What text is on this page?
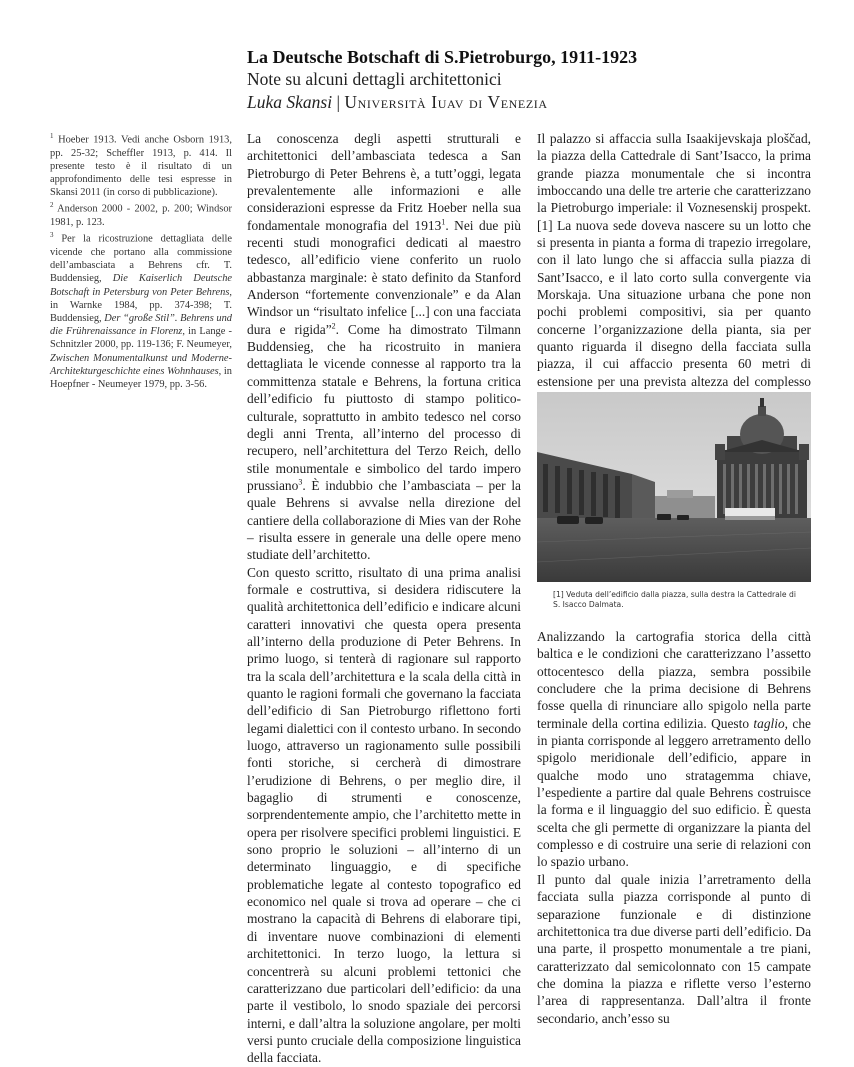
La Deutsche Botschaft di S.Pietroburgo, 1911-1923

Note su alcuni dettagli architettonici

Luka Skansi | Università Iuav di Venezia

$^1$ Hoeber 1913. Vedi anche Osborn 1913, pp. 25-32; Scheffler 1913, p. 414. Il presente testo è il risultato di un approfondimento delle tesi espresse in Skansi 2011 (in corso di pubblicazione).

$^2$ Anderson 2000 - 2002, p. 200; Windsor 1981, p. 123.

$^3$ Per la ricostruzione dettagliata delle vicende che portano alla commissione dell’ambasciata a Behrens cfr. T. Buddensieg, Die Kaiserlich Deutsche Botschaft in Petersburg von Peter Behrens, in Warnke 1984, pp. 374-398; T. Buddensieg, Der “große Stil”. Behrens und die Frührenaissance in Florenz, in Lange - Schnitzler 2000, pp. 119-136; F. Neumeyer, Zwischen Monumentalkunst und Moderne-Architekturgeschichte eines Wohnhauses, in Hoepfner - Neumeyer 1979, pp. 3-56.

La conoscenza degli aspetti strutturali e architettonici dell’ambasciata tedesca a San Pietroburgo di Peter Behrens è, a tutt’oggi, legata prevalentemente alle informazioni e alle considerazioni espresse da Fritz Hoeber nella sua fondamentale monografia del 1913$^1$. Nei due più recenti studi monografici dedicati al maestro tedesco, all’edificio viene conferito un ruolo abbastanza marginale: è stato definito da Stanford Anderson “fortemente convenzionale” e da Alan Windsor un “risultato infelice [...] con una facciata dura e rigida”$^2$. Come ha dimostrato Tilmann Buddensieg, che ha ricostruito in maniera dettagliata le vicende connesse al rapporto tra la committenza statale e Behrens, la fortuna critica dell’edificio fu piuttosto di stampo politico-culturale, soprattutto in ambito tedesco nel corso degli anni Trenta, all’interno del processo di recupero, nell’architettura del Terzo Reich, dello stile monumentale e simbolico del tardo impero prussiano$^3$. È indubbio che l’ambasciata – per la quale Behrens si avvalse nella direzione del cantiere della collaborazione di Mies van der Rohe – risulta essere in generale una delle opere meno studiate dell’architetto.

Con questo scritto, risultato di una prima analisi formale e costruttiva, si desidera ridiscutere la qualità architettonica dell’edificio e indicare alcuni caratteri innovativi che questa opera presenta all’interno della produzione di Peter Behrens. In primo luogo, si tenterà di ragionare sul rapporto tra la scala dell’architettura e la scala della città in quanto le ragioni formali che governano la facciata dell’edificio di San Pietroburgo riflettono forti legami dialettici con il contesto urbano. In secondo luogo, attraverso un ragionamento sulle possibili fonti storiche, si cercherà di dimostrare l’erudizione di Behrens, o per meglio dire, il bagaglio di strumenti e conoscenze, sorprendentemente ampio, che l’architetto mette in opera per risolvere specifici problemi linguistici. E sono proprio le soluzioni – all’interno di un determinato linguaggio, e di specifiche problematiche legate al contesto topografico ed economico nel quale si trova ad operare – che ci mostrano la capacità di Behrens di elaborare tipi, di inventare nuove combinazioni di elementi architettonici. In terzo luogo, la lettura si concentrerà su alcuni problemi tettonici che caratterizzano due particolari dell’edificio: da una parte il vestibolo, lo snodo spaziale dei percorsi interni, e dall’altra la soluzione angolare, per molti versi punto cruciale della composizione linguistica della facciata.

Il palazzo si affaccia sulla Isaakijevskaja ploščad, la piazza della Cattedrale di Sant’Isacco, la prima grande piazza monumentale che si incontra imboccando una delle tre arterie che caratterizzano la Pietroburgo imperiale: il Voznesenskij prospekt. [1] La nuova sede doveva nascere su un lotto che si presenta in pianta a forma di trapezio irregolare, con il lato lungo che si affaccia sulla piazza di Sant’Isacco, e il lato corto sulla convergente via Morskaja. Una situazione urbana che pone non pochi problemi compositivi, sia per quanto concerne l’organizzazione della pianta, sia per quanto riguarda il disegno della facciata sulla piazza, il cui affaccio presenta 60 metri di estensione per una prevista altezza del complesso

[1] Veduta dell’edificio dalla piazza, sulla destra la Cattedrale di S. Isacco Dalmata.

Analizzando la cartografia storica della città baltica e le condizioni che caratterizzano l’assetto ottocentesco della piazza, sembra possibile concludere che la prima decisione di Behrens fosse quella di rinunciare allo spigolo nella parte terminale della cortina edilizia. Questo taglio, che in pianta corrisponde al leggero arretramento dello spigolo meridionale dell’edificio, appare in qualche modo uno stratagemma chiave, l’espediente a partire dal quale Behrens costruisce la forma e il linguaggio del suo edificio. È questa scelta che gli permette di organizzare la pianta del complesso e di costruire una serie di relazioni con lo spazio urbano.

Il punto dal quale inizia l’arretramento della facciata sulla piazza corrisponde al punto di separazione funzionale e di distinzione architettonica tra due diverse parti dell’edificio. Da una parte, il prospetto monumentale a tre piani, caratterizzato dal semicolonnato con 15 campate che domina la piazza e riflette verso l’esterno l’area di rappresentanza. Dall’altra il fronte secondario, anch’esso su
